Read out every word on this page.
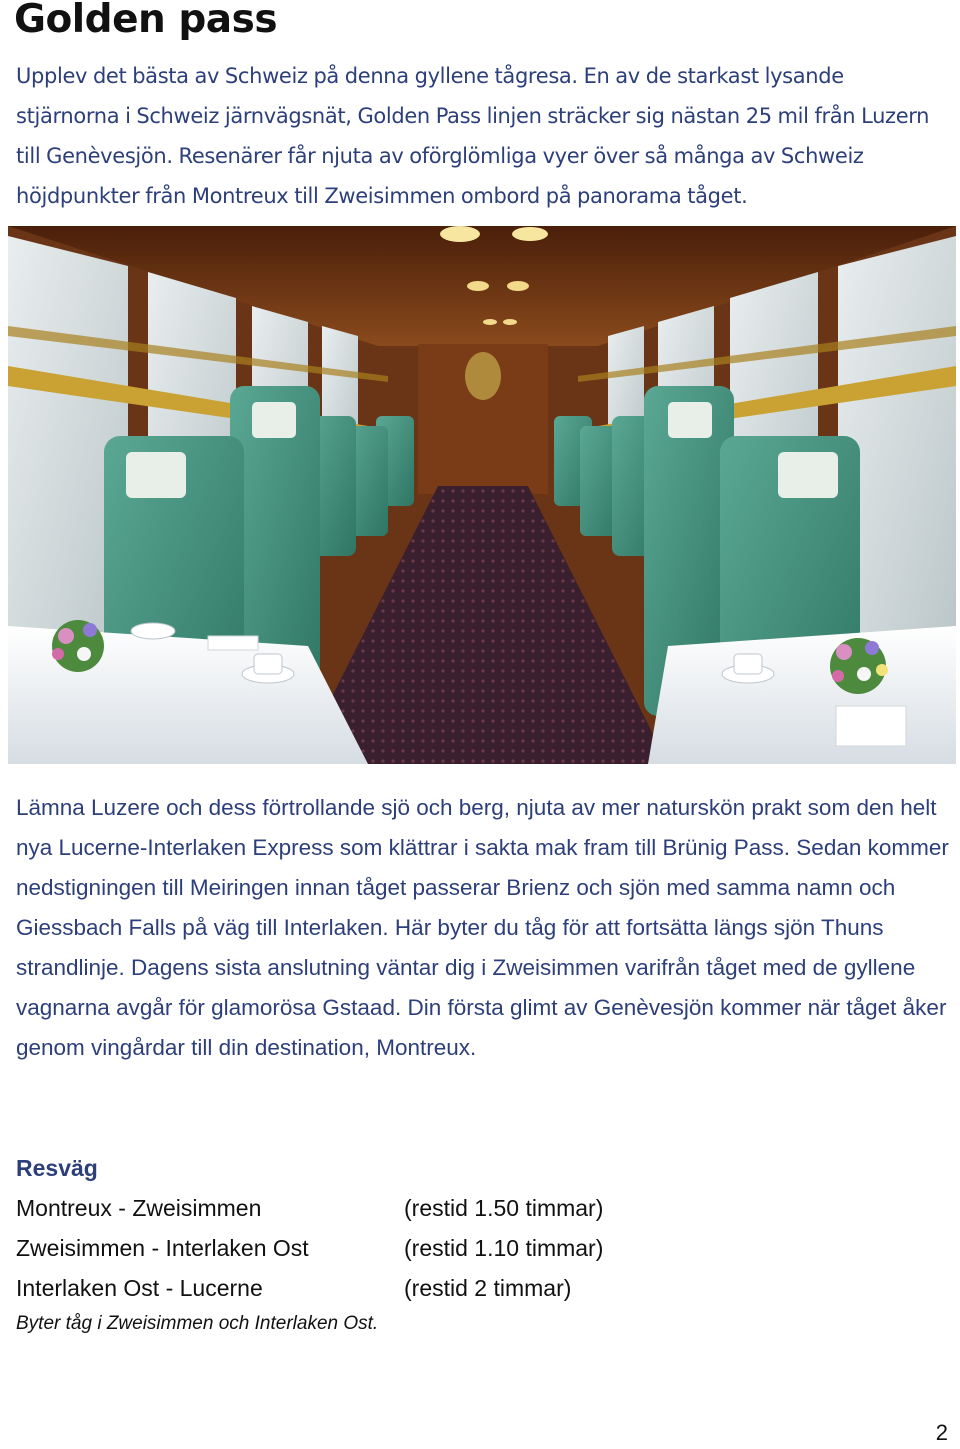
Golden pass

Upplev det bästa av Schweiz på denna gyllene tågresa. En av de starkast lysande stjärnorna i Schweiz järnvägsnät, Golden Pass linjen sträcker sig nästan 25 mil från Luzern till Genèvesjön. Resenärer får njuta av oförglömliga vyer över så många av Schweiz höjdpunkter från Montreux till Zweisimmen ombord på panorama tåget.

Lämna Luzere och dess förtrollande sjö och berg, njuta av mer naturskön prakt som den helt nya Lucerne-Interlaken Express som klättrar i sakta mak fram till Brünig Pass. Sedan kommer nedstigningen till Meiringen innan tåget passerar Brienz och sjön med samma namn och Giessbach Falls på väg till Interlaken. Här byter du tåg för att fortsätta längs sjön Thuns strandlinje. Dagens sista anslutning väntar dig i Zweisimmen varifrån tåget med de gyllene vagnarna avgår för glamorösa Gstaad. Din första glimt av Genèvesjön kommer när tåget åker genom vingårdar till din destination, Montreux.

Resväg
Montreux - Zweisimmen	(restid 1.50 timmar)
Zweisimmen - Interlaken Ost	(restid 1.10 timmar)
Interlaken Ost - Lucerne	(restid 2 timmar)

Byter tåg i Zweisimmen och Interlaken Ost.

2
